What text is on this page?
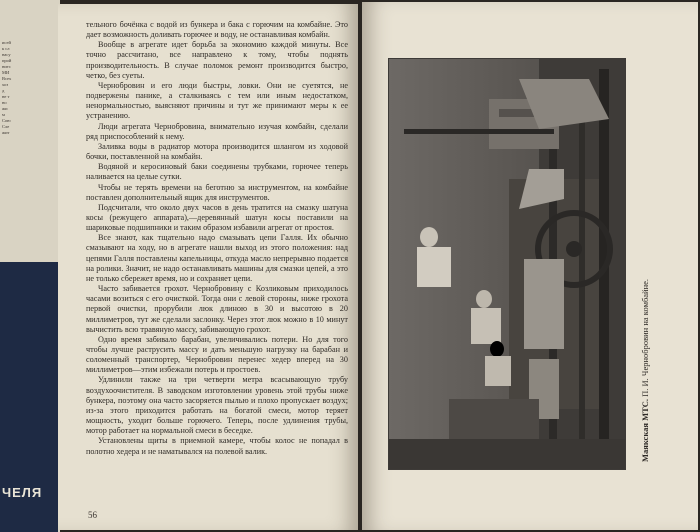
исей
к сл
насу
прой
нитс
МИ
Всех
хоз
д
не т
но
жи
м
Сою
Сле
жит
ЧЕЛЯ

тельного бочёнка с водой из бункера и бака с горючим на комбайне. Это дает возможность доливать горючее и воду, не останавливая комбайн.

Вообще в агрегате идет борьба за экономию каждой минуты. Все точно рассчитано, все направлено к тому, чтобы поднять производительность. В случае поломок ремонт производится быстро, четко, без суеты.

Чернобровин и его люди быстры, ловки. Они не суетятся, не подвержены панике, а сталкиваясь с тем или иным недостатком, ненормальностью, выясняют причины и тут же принимают меры к ее устранению.

Люди агрегата Чернобровина, внимательно изучая комбайн, сделали ряд приспособлений к нему.

Заливка воды в радиатор мотора производится шлангом из ходовой бочки, поставленной на комбайн.

Водяной и керосиновый баки соединены трубками, горючее теперь наливается на целые сутки.

Чтобы не терять времени на беготню за инструментом, на комбайне поставлен дополнительный ящик для инструментов.

Подсчитали, что около двух часов в день тратится на смазку шатуна косы (режущего аппарата),—деревянный шатун косы поставили на шариковые подшипники и таким образом избавили агрегат от простоя.

Все знают, как тщательно надо смазывать цепи Галля. Их обычно смазывают на ходу, но в агрегате нашли выход из этого положения: над цепями Галля поставлены капельницы, откуда масло непрерывно подается на ролики. Значит, не надо останавливать машины для смазки цепей, а это не только сбережет время, но и сохраняет цепи.

Часто забивается грохот. Чернобровину с Козликовым приходилось часами возиться с его очисткой. Тогда они с левой стороны, ниже грохота первой очистки, прорубили люк длиною в 30 и высотою в 20 миллиметров, тут же сделали заслонку. Через этот люк можно в 10 минут вычистить всю травяную массу, забивающую грохот.

Одно время забивало барабан, увеличивались потери. Но для того чтобы лучше раструсить массу и дать меньшую нагрузку на барабан и соломенный транспортер, Чернобровин перенес хедер вперед на 30 миллиметров—этим избежали потерь и простоев.

Удлинили также на три четверти метра всасывающую трубу воздухоочистителя. В заводском изготовлении уровень этой трубы ниже бункера, поэтому она часто засоряется пылью и плохо пропускает воздух; из-за этого приходится работать на богатой смеси, мотор теряет мощность, уходит больше горючего. Теперь, после удлинения трубы, мотор работает на нормальной смеси в беседке.

Установлены щиты в приемной камере, чтобы колос не попадал в полотно хедера и не наматывался на полевой валик.

56
Маякская МТС. П. И. Чернобровин на комбайне.
